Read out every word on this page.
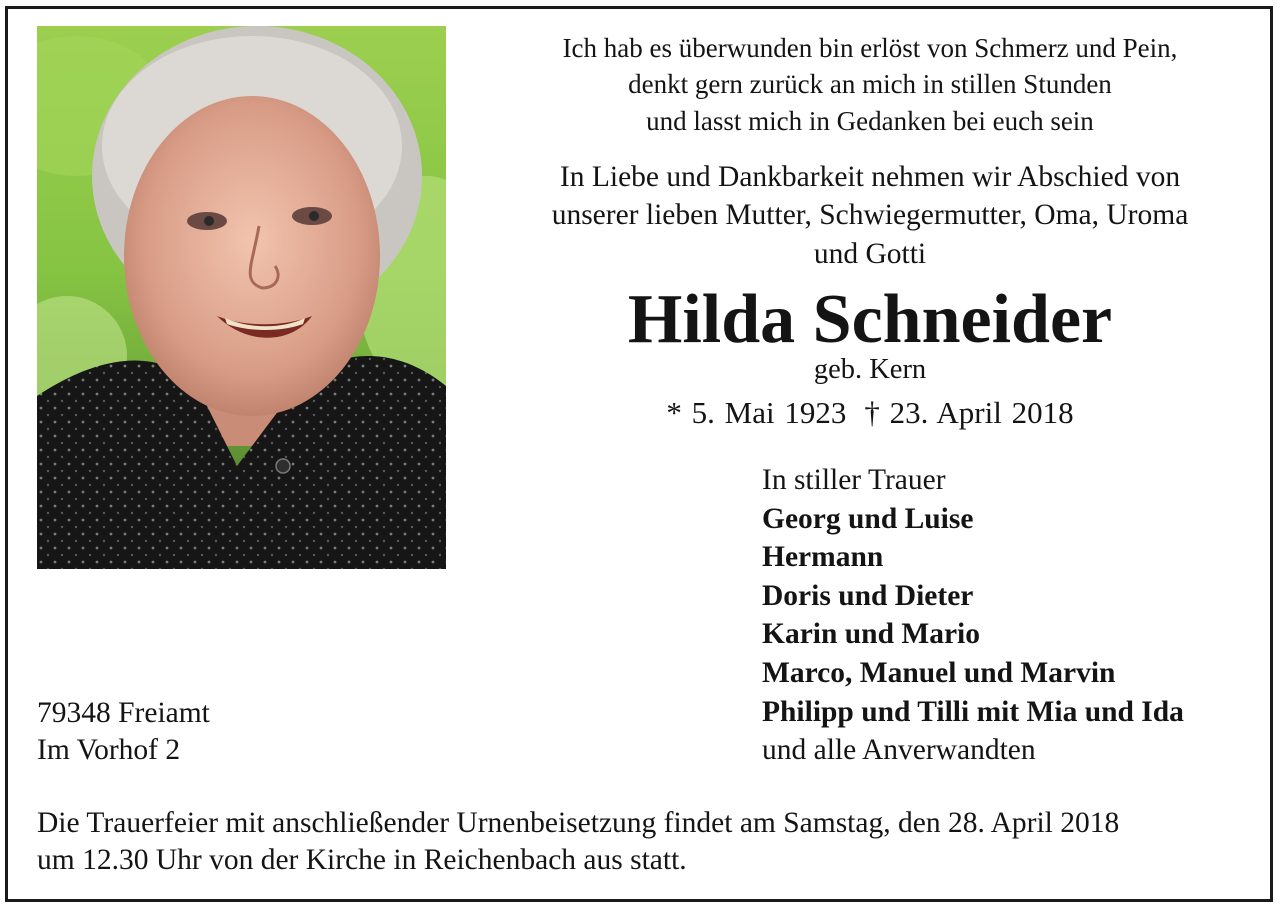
Ich hab es überwunden bin erlöst von Schmerz und Pein,
denkt gern zurück an mich in stillen Stunden
und lasst mich in Gedanken bei euch sein
In Liebe und Dankbarkeit nehmen wir Abschied von
unserer lieben Mutter, Schwiegermutter, Oma, Uroma
und Gotti
Hilda Schneider
geb. Kern
* 5. Mai 1923 † 23. April 2018
In stiller Trauer
Georg und Luise
Hermann
Doris und Dieter
Karin und Mario
Marco, Manuel und Marvin
Philipp und Tilli mit Mia und Ida
und alle Anverwandten
79348 Freiamt
Im Vorhof 2
Die Trauerfeier mit anschließender Urnenbeisetzung findet am Samstag, den 28. April 2018
um 12.30 Uhr von der Kirche in Reichenbach aus statt.
